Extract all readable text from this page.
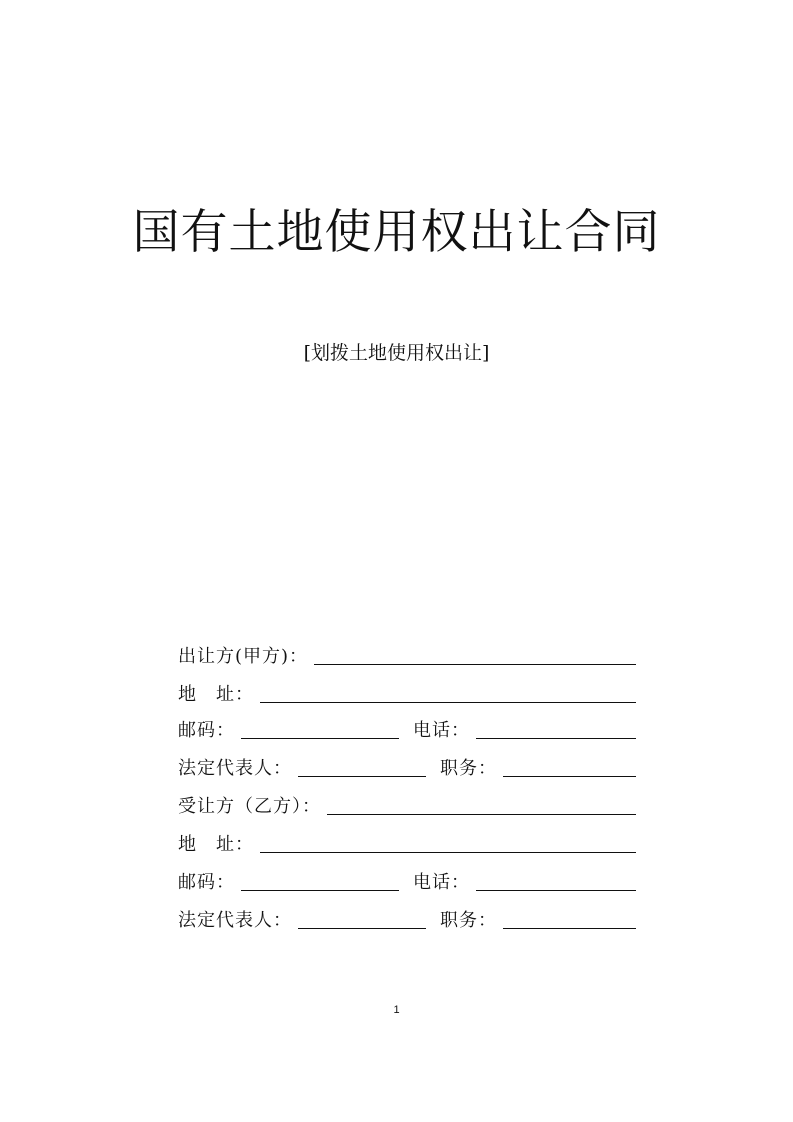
国有土地使用权出让合同
[划拨土地使用权出让]
出让方(甲方)：
地　址：
邮码：	电话：
法定代表人：	职务：
受让方（乙方）：
地　址：
邮码：	电话：
法定代表人：	职务：
1
